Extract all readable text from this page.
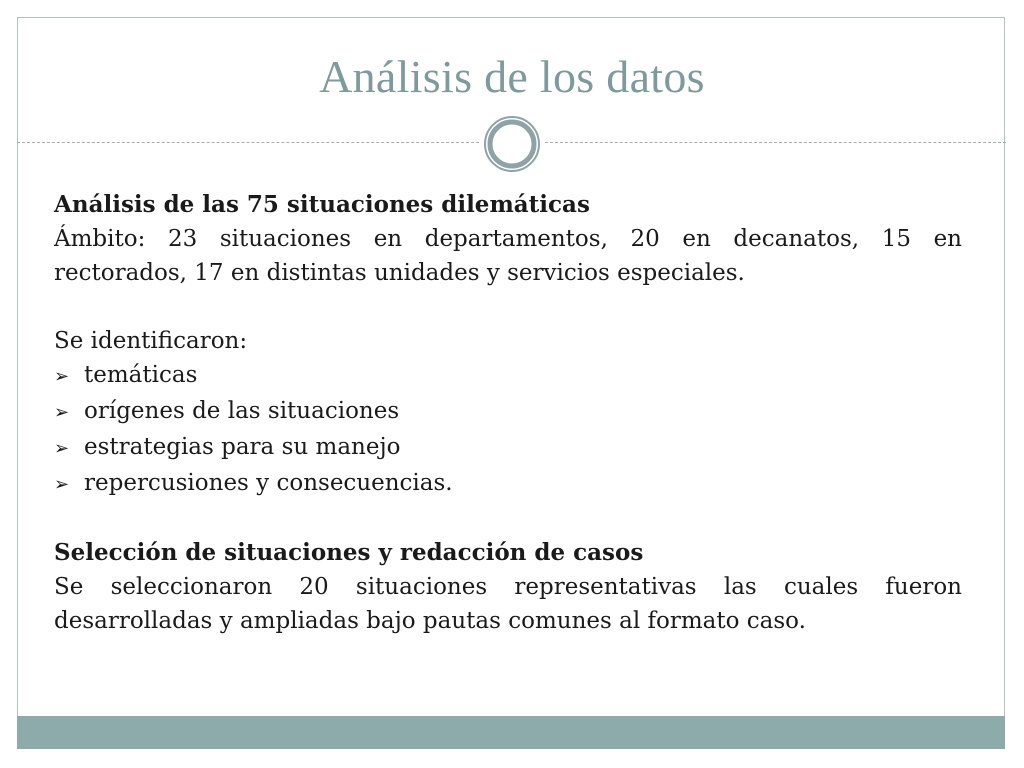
Análisis de los datos

Análisis de las 75 situaciones dilemáticas

Ámbito: 23 situaciones en departamentos, 20 en decanatos, 15 en rectorados, 17 en distintas unidades y servicios especiales.

Se identificaron:

➢ temáticas
➢ orígenes de las situaciones
➢ estrategias para su manejo
➢ repercusiones y consecuencias.

Selección de situaciones y redacción de casos

Se seleccionaron 20 situaciones representativas las cuales fueron desarrolladas y ampliadas bajo pautas comunes al formato caso.
